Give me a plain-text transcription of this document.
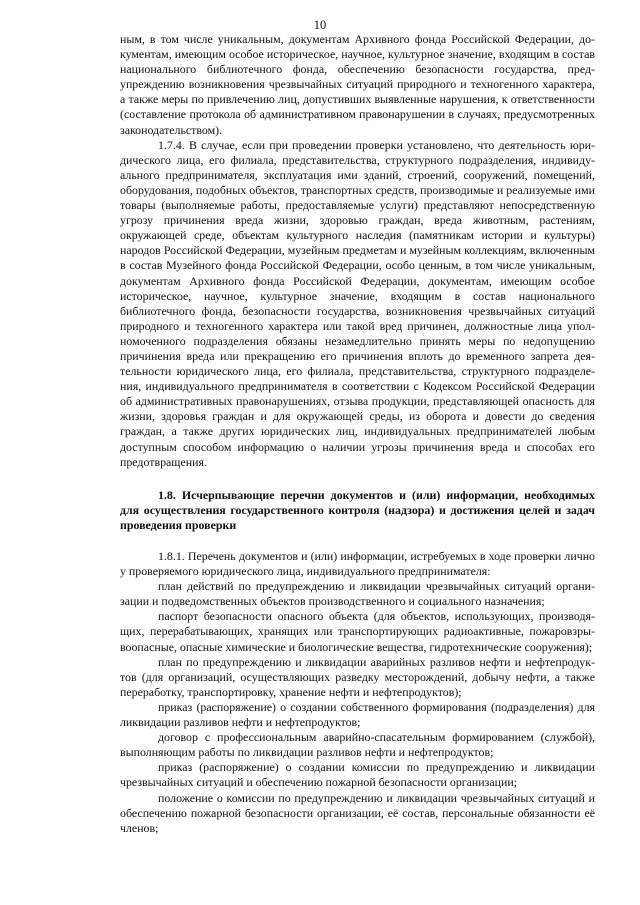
10

ным, в том числе уникальным, документам Архивного фонда Российской Федерации, документам, имеющим особое историческое, научное, культурное значение, входящим в состав национального библиотечного фонда, обеспечению безопасности государства, предупреждению возникновения чрезвычайных ситуаций природного и техногенного характера, а также меры по привлечению лиц, допустивших выявленные нарушения, к ответственности (составление протокола об административном правонарушении в случаях, предусмотренных законодательством).

1.7.4. В случае, если при проведении проверки установлено, что деятельность юридического лица, его филиала, представительства, структурного подразделения, индивидуального предпринимателя, эксплуатация ими зданий, строений, сооружений, помещений, оборудования, подобных объектов, транспортных средств, производимые и реализуемые ими товары (выполняемые работы, предоставляемые услуги) представляют непосредственную угрозу причинения вреда жизни, здоровью граждан, вреда животным, растениям, окружающей среде, объектам культурного наследия (памятникам истории и культуры) народов Российской Федерации, музейным предметам и музейным коллекциям, включенным в состав Музейного фонда Российской Федерации, особо ценным, в том числе уникальным, документам Архивного фонда Российской Федерации, документам, имеющим особое историческое, научное, культурное значение, входящим в состав национального библиотечного фонда, безопасности государства, возникновения чрезвычайных ситуаций природного и техногенного характера или такой вред причинен, должностные лица уполномоченного подразделения обязаны незамедлительно принять меры по недопущению причинения вреда или прекращению его причинения вплоть до временного запрета деятельности юридического лица, его филиала, представительства, структурного подразделения, индивидуального предпринимателя в соответствии с Кодексом Российской Федерации об административных правонарушениях, отзыва продукции, представляющей опасность для жизни, здоровья граждан и для окружающей среды, из оборота и довести до сведения граждан, а также других юридических лиц, индивидуальных предпринимателей любым доступным способом информацию о наличии угрозы причинения вреда и способах его предотвращения.

1.8. Исчерпывающие перечни документов и (или) информации, необходимых для осуществления государственного контроля (надзора) и достижения целей и задач проведения проверки

1.8.1. Перечень документов и (или) информации, истребуемых в ходе проверки лично у проверяемого юридического лица, индивидуального предпринимателя:

план действий по предупреждению и ликвидации чрезвычайных ситуаций организации и подведомственных объектов производственного и социального назначения;

паспорт безопасности опасного объекта (для объектов, использующих, производящих, перерабатывающих, хранящих или транспортирующих радиоактивные, пожаровзрывоопасные, опасные химические и биологические вещества, гидротехнические сооружения);

план по предупреждению и ликвидации аварийных разливов нефти и нефтепродуктов (для организаций, осуществляющих разведку месторождений, добычу нефти, а также переработку, транспортировку, хранение нефти и нефтепродуктов);

приказ (распоряжение) о создании собственного формирования (подразделения) для ликвидации разливов нефти и нефтепродуктов;

договор с профессиональным аварийно-спасательным формированием (службой), выполняющим работы по ликвидации разливов нефти и нефтепродуктов;

приказ (распоряжение) о создании комиссии по предупреждению и ликвидации чрезвычайных ситуаций и обеспечению пожарной безопасности организации;

положение о комиссии по предупреждению и ликвидации чрезвычайных ситуаций и обеспечению пожарной безопасности организации, её состав, персональные обязанности её членов;
